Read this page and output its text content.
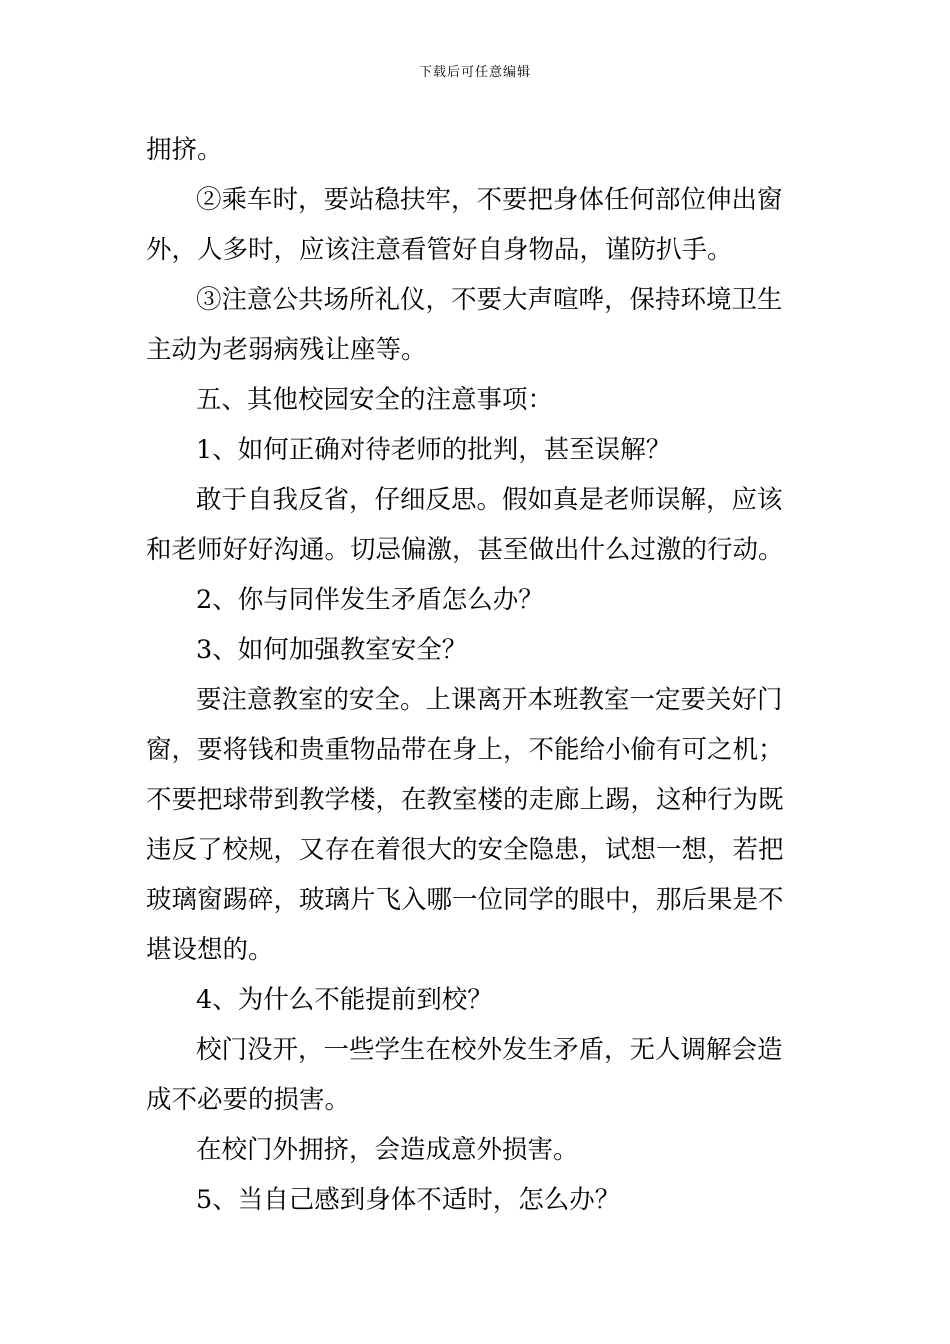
下载后可任意编辑
拥挤。
②乘车时，要站稳扶牢，不要把身体任何部位伸出窗
外，人多时，应该注意看管好自身物品，谨防扒手。
③注意公共场所礼仪，不要大声喧哗，保持环境卫生
主动为老弱病残让座等。
五、其他校园安全的注意事项：
1、如何正确对待老师的批判，甚至误解？
敢于自我反省，仔细反思。假如真是老师误解，应该
和老师好好沟通。切忌偏激，甚至做出什么过激的行动。
2、你与同伴发生矛盾怎么办？
3、如何加强教室安全？
要注意教室的安全。上课离开本班教室一定要关好门
窗，要将钱和贵重物品带在身上，不能给小偷有可之机；
不要把球带到教学楼，在教室楼的走廊上踢，这种行为既
违反了校规，又存在着很大的安全隐患，试想一想，若把
玻璃窗踢碎，玻璃片飞入哪一位同学的眼中，那后果是不
堪设想的。
4、为什么不能提前到校？
校门没开，一些学生在校外发生矛盾，无人调解会造
成不必要的损害。
在校门外拥挤，会造成意外损害。
5、当自己感到身体不适时，怎么办？
